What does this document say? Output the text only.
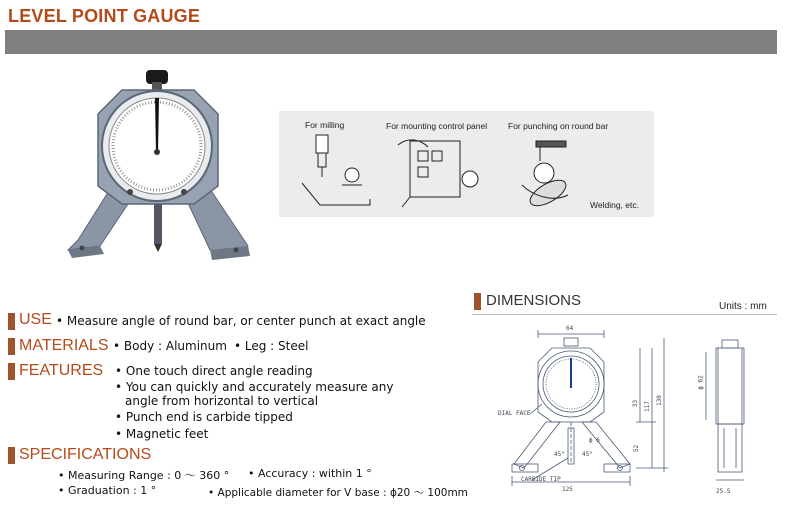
LEVEL POINT GAUGE
For milling	For mounting control panel For punching on round bar
Welding, etc.
USE • Measure angle of round bar, or center punch at exact angle
MATERIALS • Body : Aluminum • Leg : Steel
FEATURES • One touch direct angle reading
• You can quickly and accurately measure any
angle from horizontal to vertical
• Punch end is carbide tipped
• Magnetic feet
SPECIFICATIONS
• Measuring Range : 0 ～ 360 ° • Accuracy : within 1 °
• Graduation : 1 °	• Applicable diameter for V base : ϕ20 ～ 100mm
DIMENSIONS	Units : mm
64
33 117
130
52
125
ϕ 62
25.5
ϕ 6
45°	45°
DIAL FACE
CARBIDE TIP
